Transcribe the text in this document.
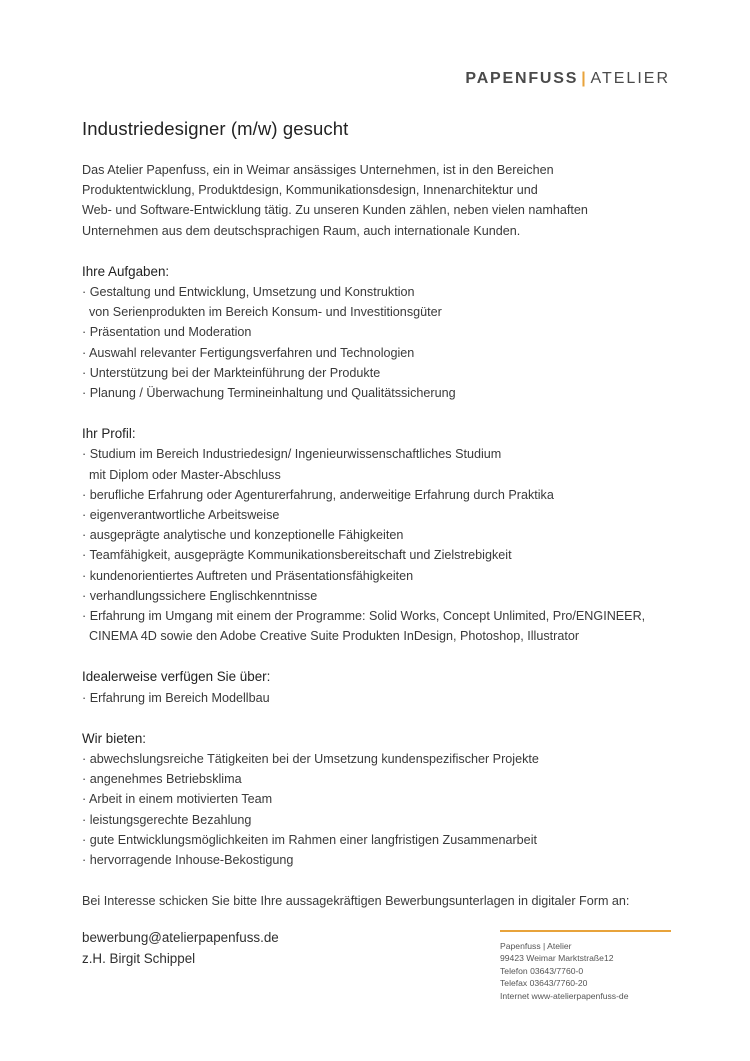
PAPENFUSS | ATELIER
Industriedesigner (m/w) gesucht

Das Atelier Papenfuss, ein in Weimar ansässiges Unternehmen, ist in den Bereichen

Produktentwicklung, Produktdesign, Kommunikationsdesign, Innenarchitektur und

Web- und Software-Entwicklung tätig. Zu unseren Kunden zählen, neben vielen namhaften

Unternehmen aus dem deutschsprachigen Raum, auch internationale Kunden.

Ihre Aufgaben:
· Gestaltung und Entwicklung, Umsetzung und Konstruktion
von Serienprodukten im Bereich Konsum- und Investitionsgüter
· Präsentation und Moderation
· Auswahl relevanter Fertigungsverfahren und Technologien
· Unterstützung bei der Markteinführung der Produkte
· Planung / Überwachung Termineinhaltung und Qualitätssicherung
Ihr Profil:
· Studium im Bereich Industriedesign/ Ingenieurwissenschaftliches Studium
mit Diplom oder Master-Abschluss
· berufliche Erfahrung oder Agenturerfahrung, anderweitige Erfahrung durch Praktika
· eigenverantwortliche Arbeitsweise
· ausgeprägte analytische und konzeptionelle Fähigkeiten
· Teamfähigkeit, ausgeprägte Kommunikationsbereitschaft und Zielstrebigkeit
· kundenorientiertes Auftreten und Präsentationsfähigkeiten
· verhandlungssichere Englischkenntnisse
· Erfahrung im Umgang mit einem der Programme: Solid Works, Concept Unlimited, Pro/ENGINEER,
CINEMA 4D sowie den Adobe Creative Suite Produkten InDesign, Photoshop, Illustrator
Idealerweise verfügen Sie über:
· Erfahrung im Bereich Modellbau
Wir bieten:
· abwechslungsreiche Tätigkeiten bei der Umsetzung kundenspezifischer Projekte
· angenehmes Betriebsklima
· Arbeit in einem motivierten Team
· leistungsgerechte Bezahlung
· gute Entwicklungsmöglichkeiten im Rahmen einer langfristigen Zusammenarbeit
· hervorragende Inhouse-Bekostigung
Bei Interesse schicken Sie bitte Ihre aussagekräftigen Bewerbungsunterlagen in digitaler Form an:
bewerbung@atelierpapenfuss.de
z.H. Birgit Schippel
Papenfuss | Atelier
99423 Weimar Marktstraße12
Telefon 03643/7760-0
Telefax 03643/7760-20
Internet www-atelierpapenfuss-de
